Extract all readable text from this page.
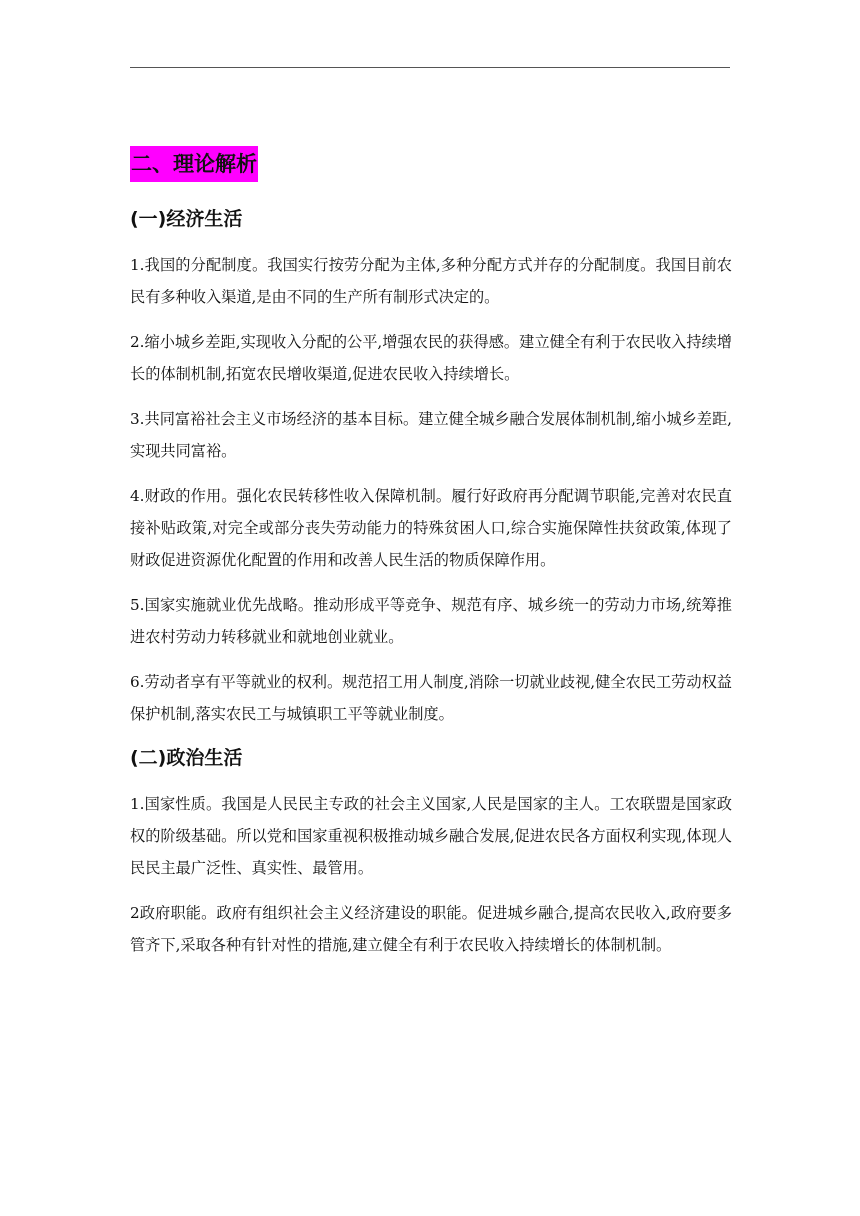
二、理论解析
(一)经济生活

1.我国的分配制度。我国实行按劳分配为主体,多种分配方式并存的分配制度。我国目前农民有多种收入渠道,是由不同的生产所有制形式决定的。

2.缩小城乡差距,实现收入分配的公平,增强农民的获得感。建立健全有利于农民收入持续增长的体制机制,拓宽农民增收渠道,促进农民收入持续增长。

3.共同富裕社会主义市场经济的基本目标。建立健全城乡融合发展体制机制,缩小城乡差距,实现共同富裕。

4.财政的作用。强化农民转移性收入保障机制。履行好政府再分配调节职能,完善对农民直接补贴政策,对完全或部分丧失劳动能力的特殊贫困人口,综合实施保障性扶贫政策,体现了财政促进资源优化配置的作用和改善人民生活的物质保障作用。

5.国家实施就业优先战略。推动形成平等竞争、规范有序、城乡统一的劳动力市场,统筹推进农村劳动力转移就业和就地创业就业。

6.劳动者享有平等就业的权利。规范招工用人制度,消除一切就业歧视,健全农民工劳动权益保护机制,落实农民工与城镇职工平等就业制度。

(二)政治生活

1.国家性质。我国是人民民主专政的社会主义国家,人民是国家的主人。工农联盟是国家政权的阶级基础。所以党和国家重视积极推动城乡融合发展,促进农民各方面权利实现,体现人民民主最广泛性、真实性、最管用。

2政府职能。政府有组织社会主义经济建设的职能。促进城乡融合,提高农民收入,政府要多管齐下,采取各种有针对性的措施,建立健全有利于农民收入持续增长的体制机制。
